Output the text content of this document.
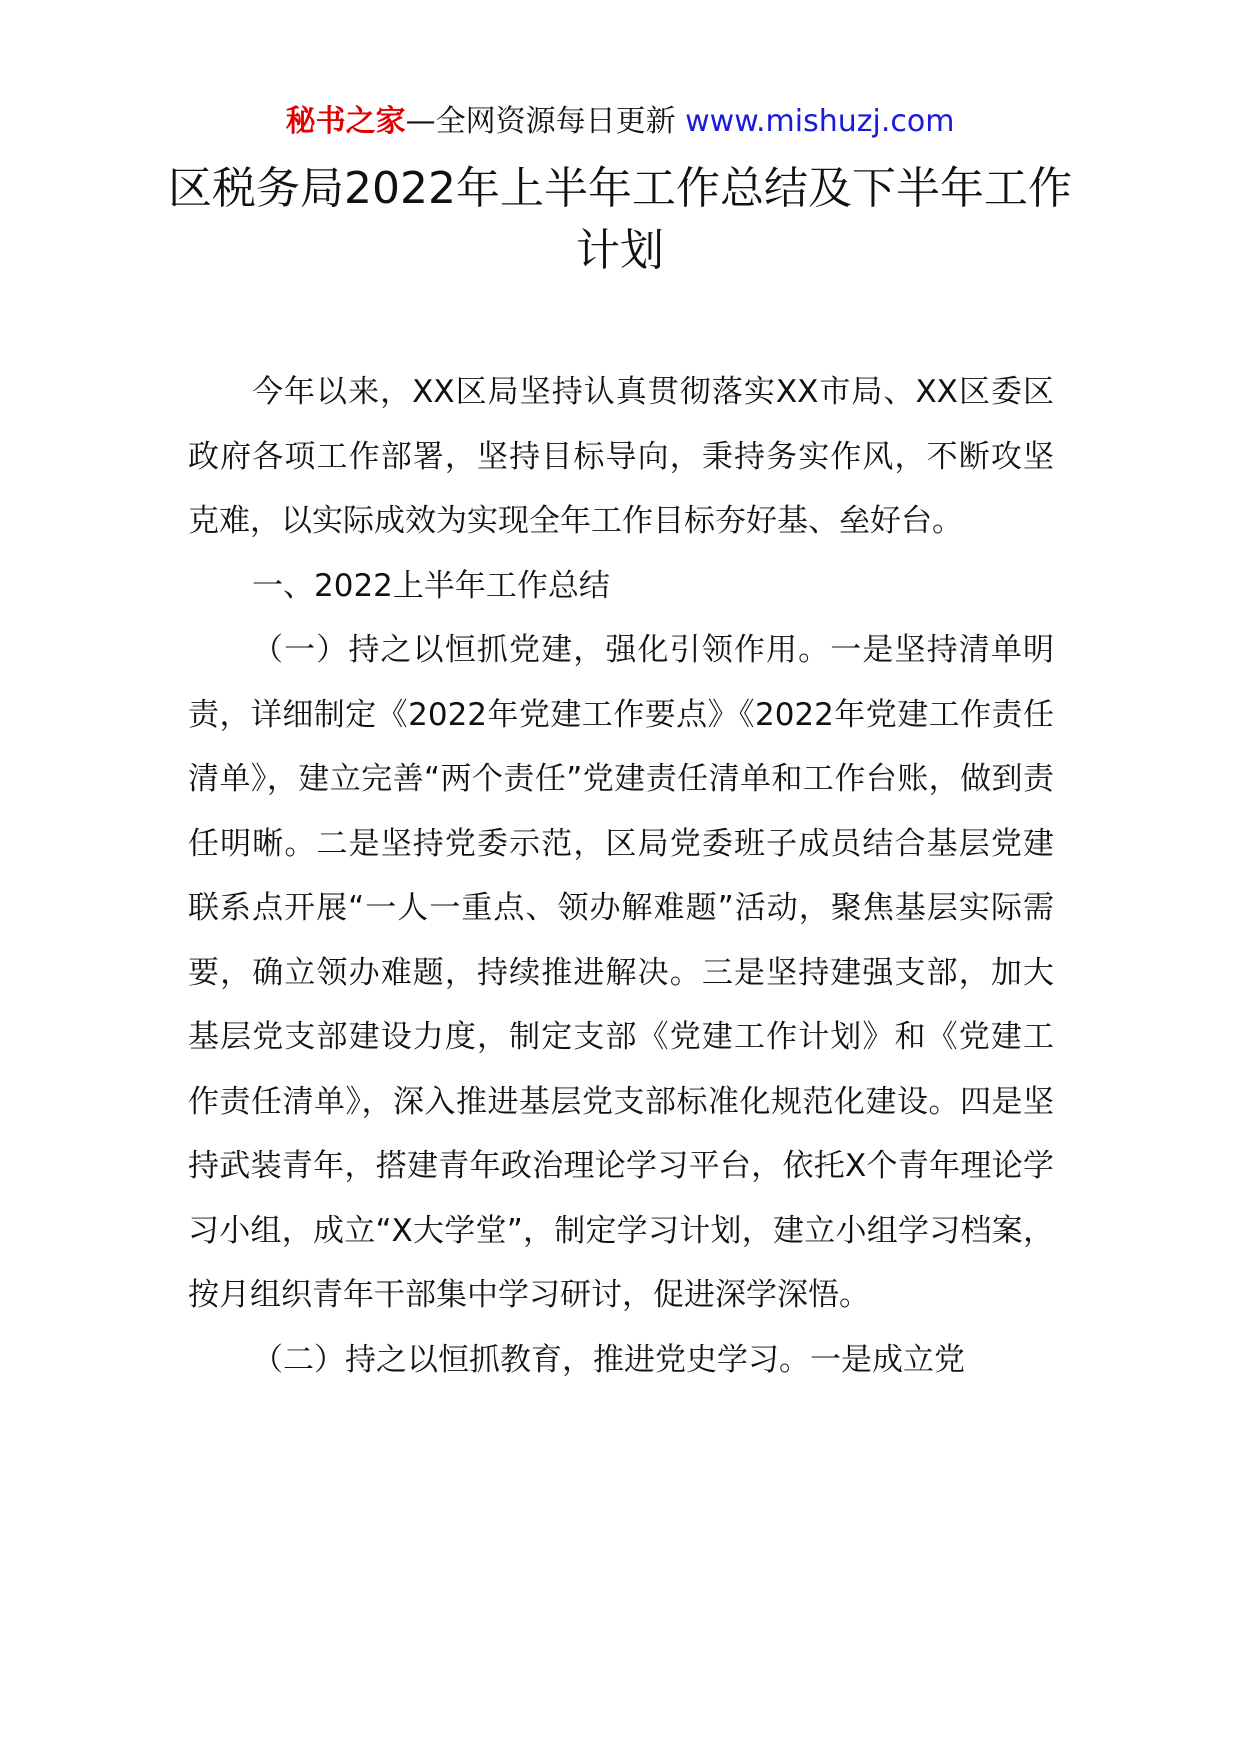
秘书之家—全网资源每日更新 www.mishuzj.com
区税务局2022年上半年工作总结及下半年工作计划

今年以来，XX区局坚持认真贯彻落实XX市局、XX区委区政府各项工作部署，坚持目标导向，秉持务实作风，不断攻坚克难，以实际成效为实现全年工作目标夯好基、垒好台。

一、2022上半年工作总结

（一）持之以恒抓党建，强化引领作用。一是坚持清单明责，详细制定《2022年党建工作要点》《2022年党建工作责任清单》，建立完善“两个责任”党建责任清单和工作台账，做到责任明晰。二是坚持党委示范，区局党委班子成员结合基层党建联系点开展“一人一重点、领办解难题”活动，聚焦基层实际需要，确立领办难题，持续推进解决。三是坚持建强支部，加大基层党支部建设力度，制定支部《党建工作计划》和《党建工作责任清单》，深入推进基层党支部标准化规范化建设。四是坚持武装青年，搭建青年政治理论学习平台，依托X个青年理论学习小组，成立“X大学堂”，制定学习计划，建立小组学习档案，按月组织青年干部集中学习研讨，促进深学深悟。

（二）持之以恒抓教育，推进党史学习。一是成立党
